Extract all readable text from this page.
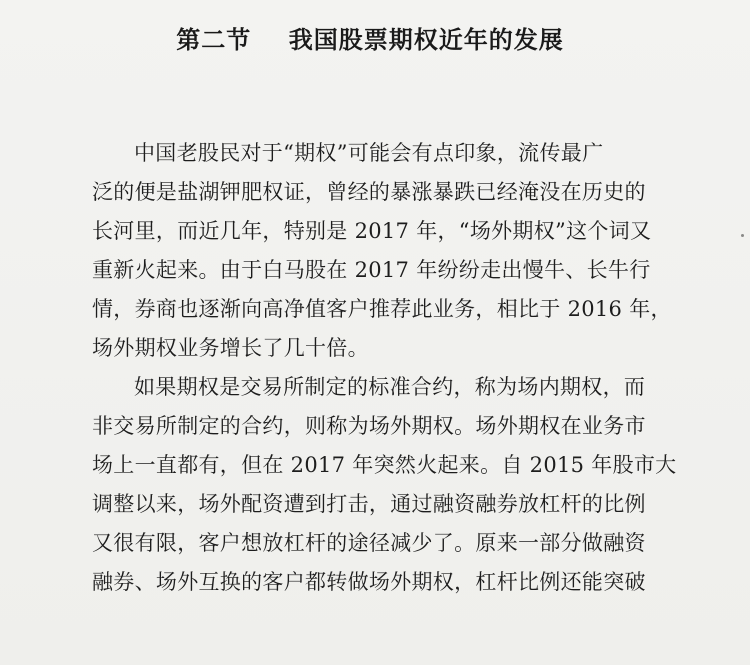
第二节 我国股票期权近年的发展
中国老股民对于“期权”可能会有点印象，流传最广
泛的便是盐湖钾肥权证，曾经的暴涨暴跌已经淹没在历史的
长河里，而近几年，特别是 2017 年，“场外期权”这个词又
重新火起来。由于白马股在 2017 年纷纷走出慢牛、长牛行
情，券商也逐渐向高净值客户推荐此业务，相比于 2016 年，
场外期权业务增长了几十倍。
如果期权是交易所制定的标准合约，称为场内期权，而
非交易所制定的合约，则称为场外期权。场外期权在业务市
场上一直都有，但在 2017 年突然火起来。自 2015 年股市大
调整以来，场外配资遭到打击，通过融资融券放杠杆的比例
又很有限，客户想放杠杆的途径减少了。原来一部分做融资
融券、场外互换的客户都转做场外期权，杠杆比例还能突破
